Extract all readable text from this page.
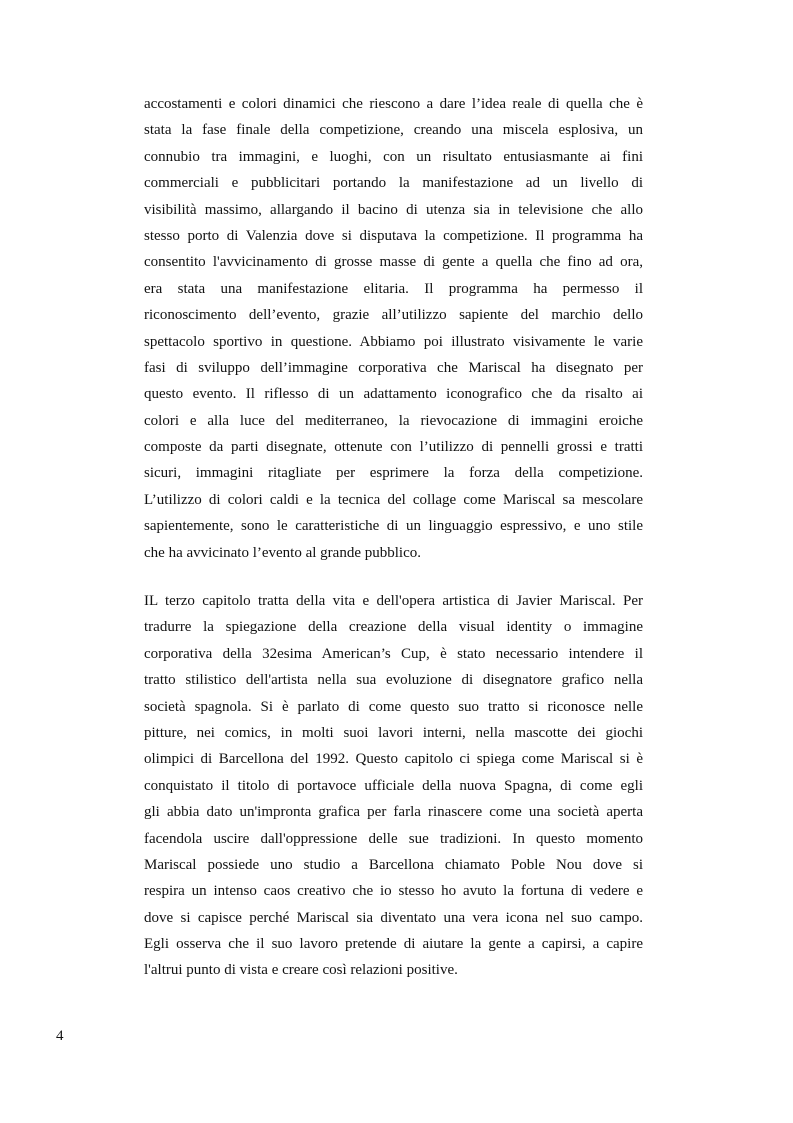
accostamenti e colori dinamici che riescono a dare l’idea reale di quella che è
stata la fase finale della competizione, creando una miscela esplosiva, un
connubio tra immagini, e luoghi, con un risultato entusiasmante ai fini
commerciali e pubblicitari portando la manifestazione ad un livello di
visibilità massimo, allargando il bacino di utenza sia in televisione che allo
stesso porto di Valenzia dove si disputava la competizione. Il programma ha
consentito l'avvicinamento di grosse masse di gente a quella che fino ad ora,
era stata una manifestazione elitaria. Il programma ha permesso il
riconoscimento dell’evento, grazie all’utilizzo sapiente del marchio dello
spettacolo sportivo in questione. Abbiamo poi illustrato visivamente le varie
fasi di sviluppo dell’immagine corporativa che Mariscal ha disegnato per
questo evento. Il riflesso di un adattamento iconografico che da risalto ai
colori e alla luce del mediterraneo, la rievocazione di immagini eroiche
composte da parti disegnate, ottenute con l’utilizzo di pennelli grossi e tratti
sicuri, immagini ritagliate per esprimere la forza della competizione.
L’utilizzo di colori caldi e la tecnica del collage come Mariscal sa mescolare
sapientemente, sono le caratteristiche di un linguaggio espressivo, e uno stile
che ha avvicinato l’evento al grande pubblico.

IL terzo capitolo tratta della vita e dell'opera artistica di Javier Mariscal. Per
tradurre la spiegazione della creazione della visual identity o immagine
corporativa della 32esima American’s Cup, è stato necessario intendere il
tratto stilistico dell'artista nella sua evoluzione di disegnatore grafico nella
società spagnola. Si è parlato di come questo suo tratto si riconosce nelle
pitture, nei comics, in molti suoi lavori interni, nella mascotte dei giochi
olimpici di Barcellona del 1992. Questo capitolo ci spiega come Mariscal si è
conquistato il titolo di portavoce ufficiale della nuova Spagna, di come egli
gli abbia dato un'impronta grafica per farla rinascere come una società aperta
facendola uscire dall'oppressione delle sue tradizioni. In questo momento
Mariscal possiede uno studio a Barcellona chiamato Poble Nou dove si
respira un intenso caos creativo che io stesso ho avuto la fortuna di vedere e
dove si capisce perché Mariscal sia diventato una vera icona nel suo campo.
Egli osserva che il suo lavoro pretende di aiutare la gente a capirsi, a capire
l'altrui punto di vista e creare così relazioni positive.

4
